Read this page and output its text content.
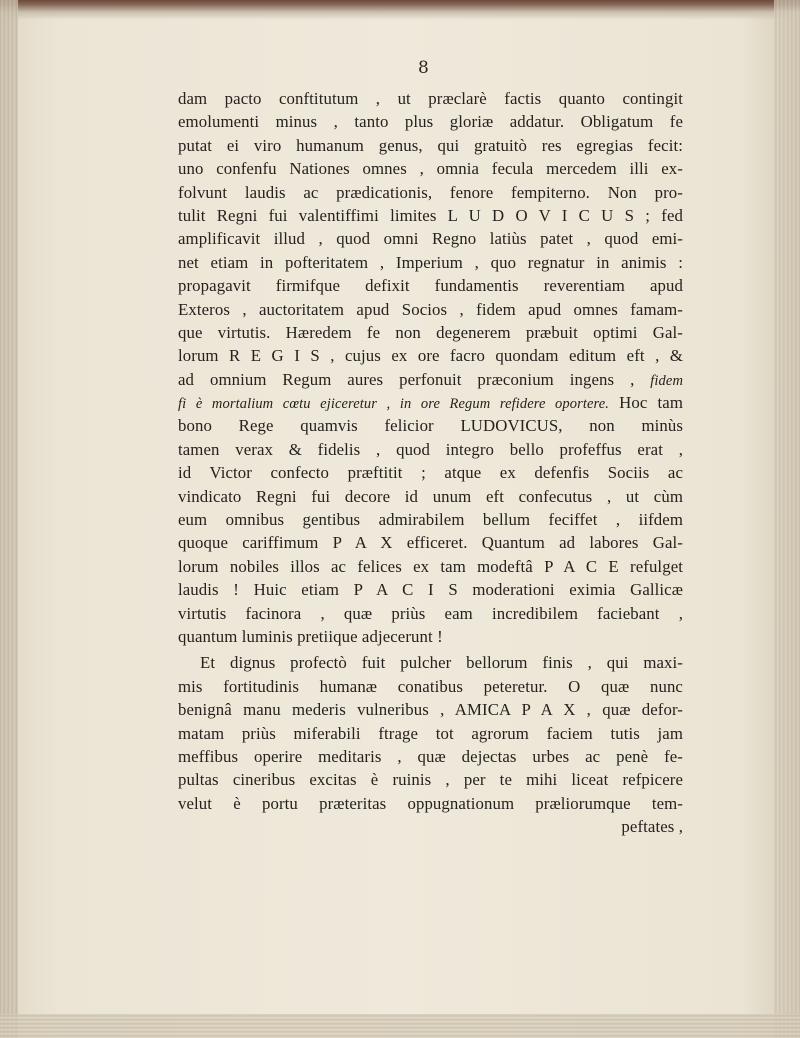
8
dam pacto conftitutum , ut præclarè factis quanto contingit
emolumenti minus , tanto plus gloriæ addatur. Obligatum fe
putat ei viro humanum genus, qui gratuitò res egregias fecit:
uno confenfu Nationes omnes , omnia fecula mercedem illi ex-
folvunt laudis ac prædicationis, fenore fempiterno. Non pro-
tulit Regni fui valentiffimi limites L U D O V I C U S ; fed
amplificavit illud , quod omni Regno latiùs patet , quod emi-
net etiam in pofteritatem , Imperium , quo regnatur in animis :
propagavit firmifque defixit fundamentis reverentiam apud
Exteros , auctoritatem apud Socios , fidem apud omnes famam-
que virtutis. Hæredem fe non degenerem præbuit optimi Gal-
lorum R E G I S , cujus ex ore facro quondam editum eft , &
ad omnium Regum aures perfonuit præconium ingens , fidem
fi è mortalium cœtu ejiceretur , in ore Regum refidere oportere. Hoc tam
bono Rege quamvis felicior LUDOVICUS, non minùs
tamen verax & fidelis , quod integro bello profeffus erat ,
id Victor confecto præftitit ; atque ex defenfis Sociis ac
vindicato Regni fui decore id unum eft confecutus , ut cùm
eum omnibus gentibus admirabilem bellum feciffet , iifdem
quoque cariffimum P A X efficeret. Quantum ad labores Gal-
lorum nobiles illos ac felices ex tam modeftâ P A C E refulget
laudis ! Huic etiam P A C I S moderationi eximia Gallicæ
virtutis facinora , quæ priùs eam incredibilem faciebant ,
quantum luminis pretiique adjecerunt !
Et dignus profectò fuit pulcher bellorum finis , qui maxi-
mis fortitudinis humanæ conatibus peteretur. O quæ nunc
benignâ manu mederis vulneribus , AMICA P A X , quæ defor-
matam priùs miferabili ftrage tot agrorum faciem tutis jam
meffibus operire meditaris , quæ dejectas urbes ac penè fe-
pultas cineribus excitas è ruinis , per te mihi liceat refpicere
velut è portu præteritas oppugnationum præliorumque tem-
peftates ,
